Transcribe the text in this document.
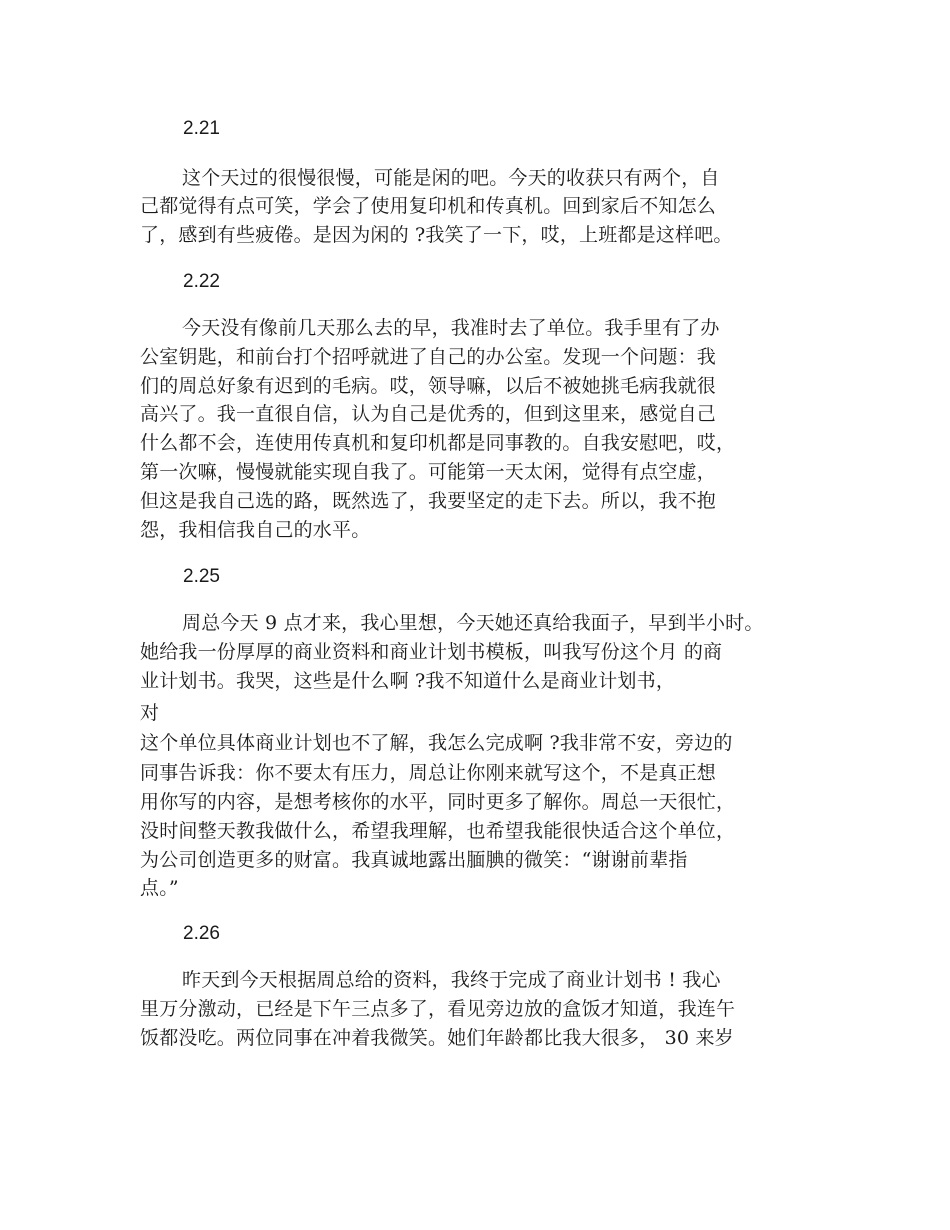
2.21
这个天过的很慢很慢，可能是闲的吧。今天的收获只有两个，自
己都觉得有点可笑，学会了使用复印机和传真机。回到家后不知怎么
了，感到有些疲倦。是因为闲的 ?我笑了一下，哎，上班都是这样吧。
2.22
今天没有像前几天那么去的早，我准时去了单位。我手里有了办
公室钥匙，和前台打个招呼就进了自己的办公室。发现一个问题：我
们的周总好象有迟到的毛病。哎，领导嘛，以后不被她挑毛病我就很
高兴了。我一直很自信，认为自己是优秀的，但到这里来，感觉自己
什么都不会，连使用传真机和复印机都是同事教的。自我安慰吧，哎，
第一次嘛，慢慢就能实现自我了。可能第一天太闲，觉得有点空虚，
但这是我自己选的路，既然选了，我要坚定的走下去。所以，我不抱
怨，我相信我自己的水平。
2.25
周总今天 9 点才来，我心里想，今天她还真给我面子，早到半小时。
她给我一份厚厚的商业资料和商业计划书模板，叫我写份这个月 的商
业计划书。我哭，这些是什么啊 ?我不知道什么是商业计划书，
对
这个单位具体商业计划也不了解，我怎么完成啊 ?我非常不安，旁边的
同事告诉我：你不要太有压力，周总让你刚来就写这个，不是真正想
用你写的内容，是想考核你的水平，同时更多了解你。周总一天很忙，
没时间整天教我做什么，希望我理解，也希望我能很快适合这个单位，
为公司创造更多的财富。我真诚地露出腼腆的微笑：“谢谢前辈指
点。”
2.26
昨天到今天根据周总给的资料，我终于完成了商业计划书 ! 我心
里万分激动，已经是下午三点多了，看见旁边放的盒饭才知道，我连午
饭都没吃。两位同事在冲着我微笑。她们年龄都比我大很多， 30 来岁
